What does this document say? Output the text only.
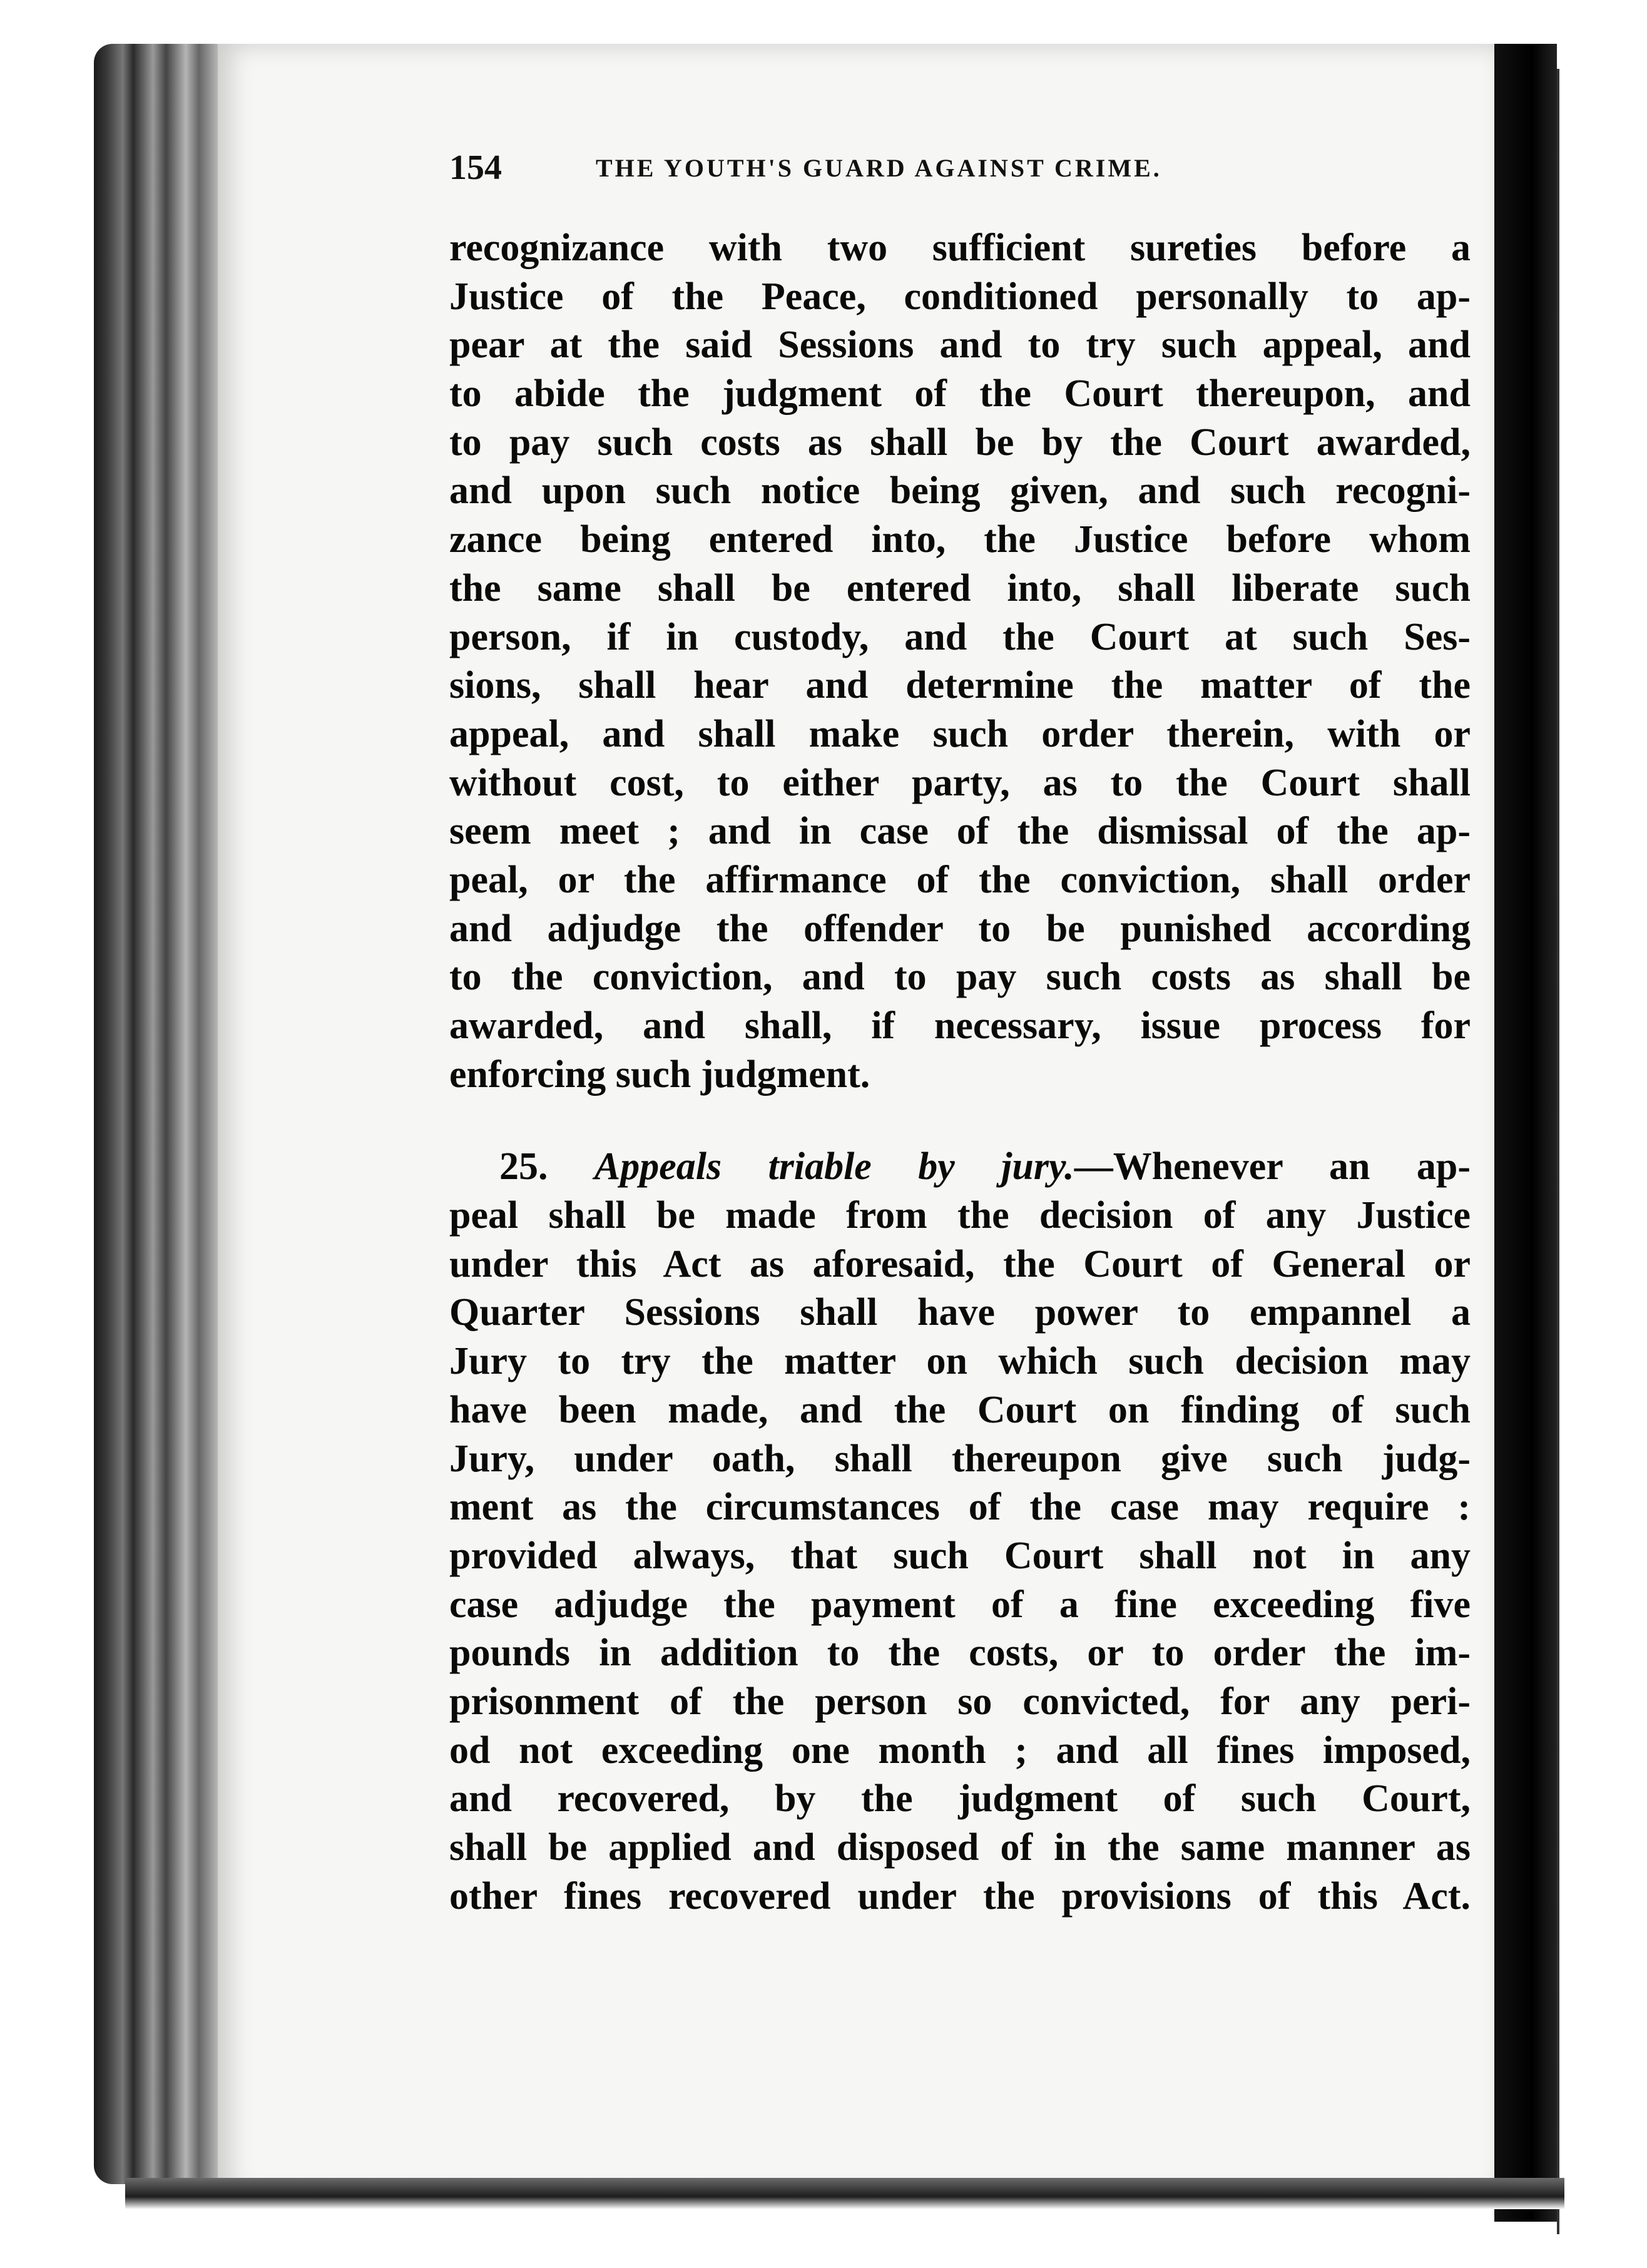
154	THE YOUTH'S GUARD AGAINST CRIME.
recognizance with two sufficient sureties before a
Justice of the Peace, conditioned personally to ap-
pear at the said Sessions and to try such appeal, and
to abide the judgment of the Court thereupon, and
to pay such costs as shall be by the Court awarded,
and upon such notice being given, and such recogni-
zance being entered into, the Justice before whom
the same shall be entered into, shall liberate such
person, if in custody, and the Court at such Ses-
sions, shall hear and determine the matter of the
appeal, and shall make such order therein, with or
without cost, to either party, as to the Court shall
seem meet ; and in case of the dismissal of the ap-
peal, or the affirmance of the conviction, shall order
and adjudge the offender to be punished according
to the conviction, and to pay such costs as shall be
awarded, and shall, if necessary, issue process for
enforcing such judgment.
25. Appeals triable by jury.—Whenever an ap-
peal shall be made from the decision of any Justice
under this Act as aforesaid, the Court of General or
Quarter Sessions shall have power to empannel a
Jury to try the matter on which such decision may
have been made, and the Court on finding of such
Jury, under oath, shall thereupon give such judg-
ment as the circumstances of the case may require :
provided always, that such Court shall not in any
case adjudge the payment of a fine exceeding five
pounds in addition to the costs, or to order the im-
prisonment of the person so convicted, for any peri-
od not exceeding one month ; and all fines imposed,
and recovered, by the judgment of such Court,
shall be applied and disposed of in the same manner as
other fines recovered under the provisions of this Act.
